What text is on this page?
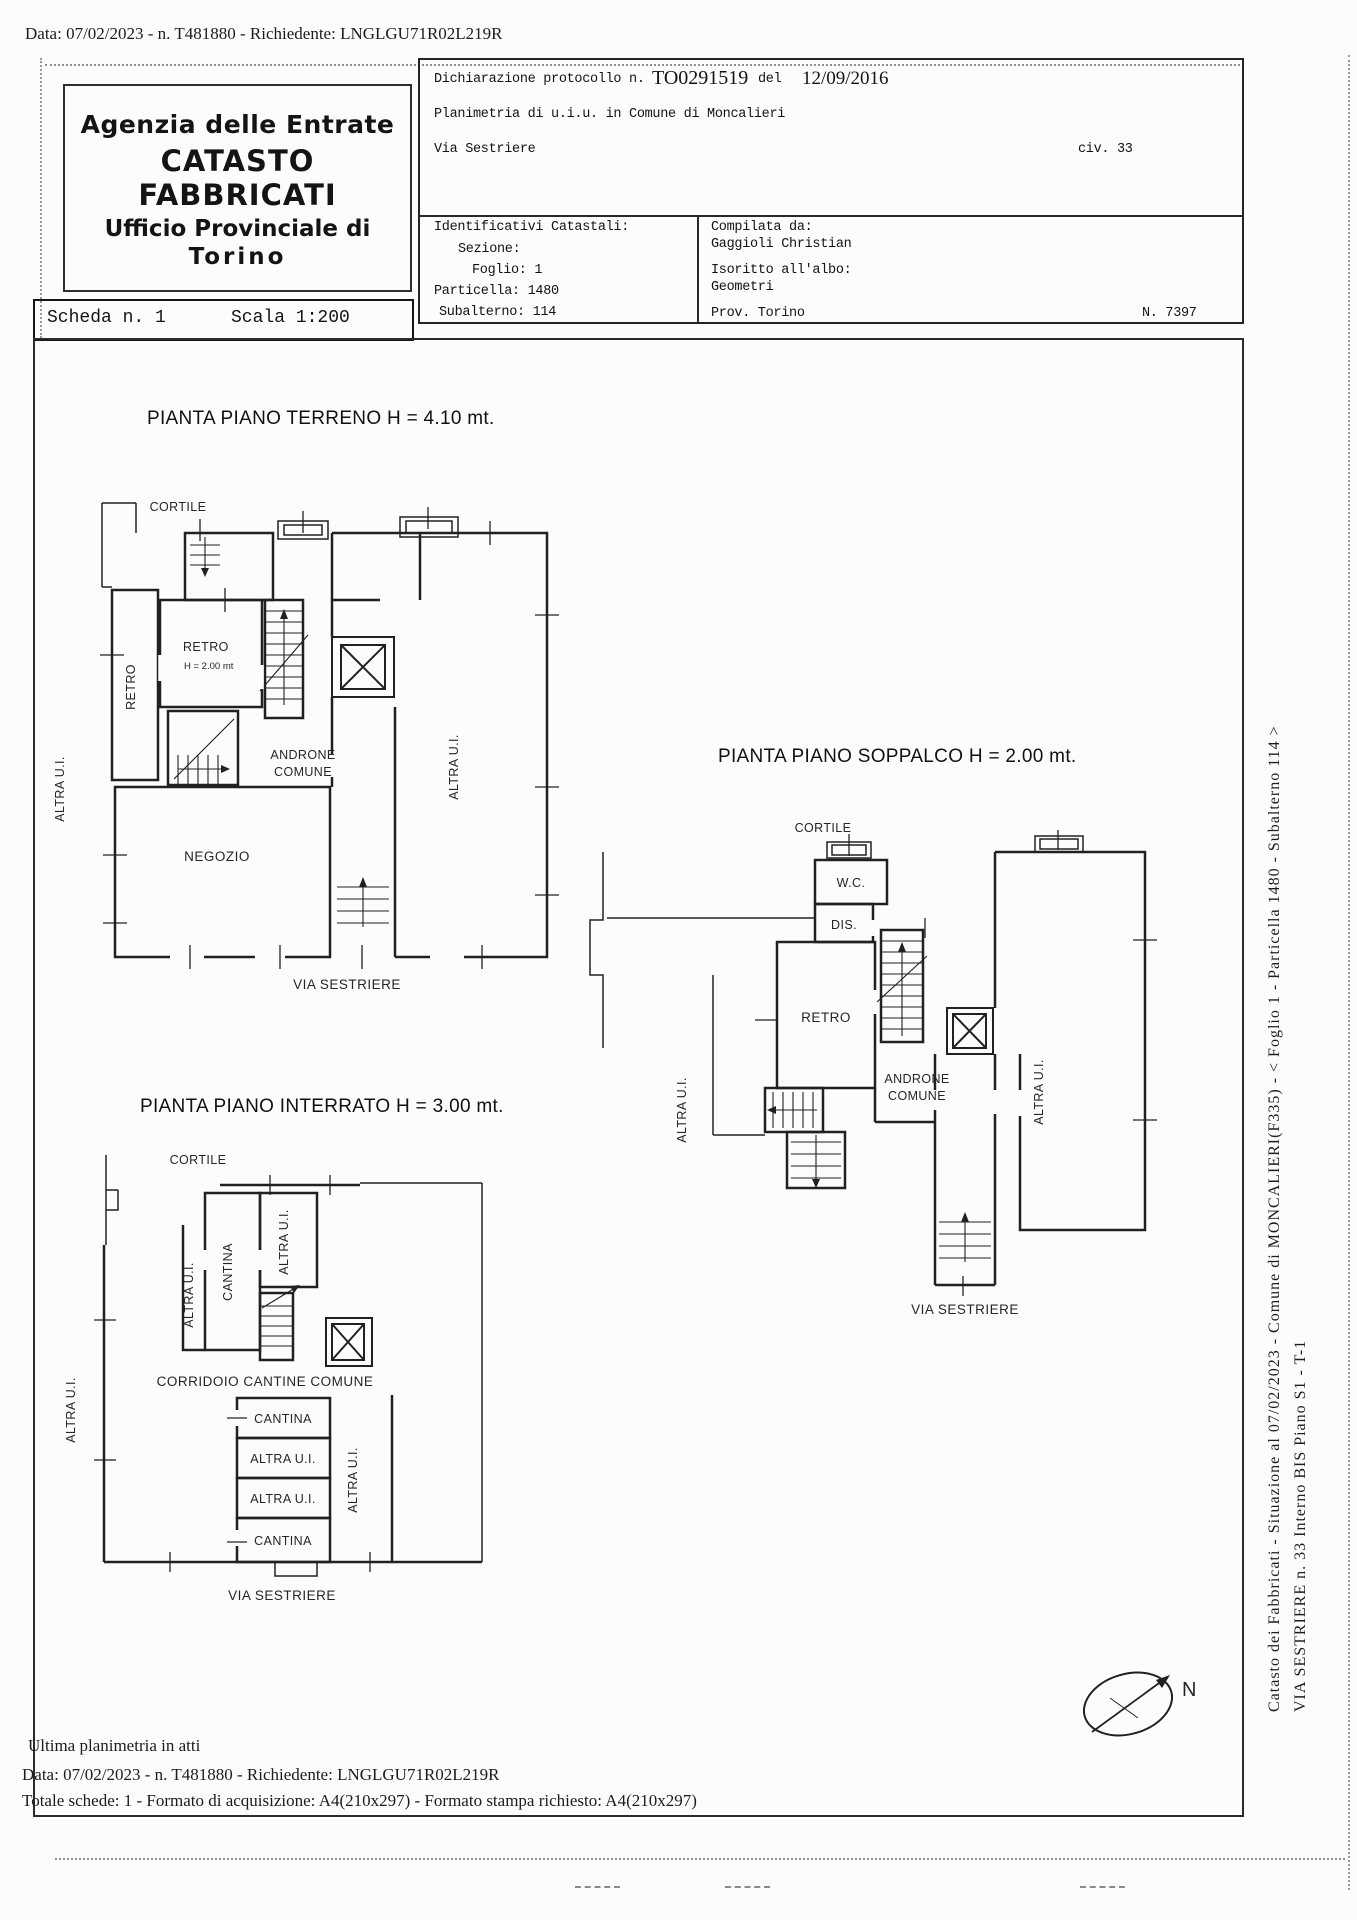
Data: 07/02/2023 - n. T481880 - Richiedente: LNGLGU71R02L219R
Agenzia delle Entrate
CATASTO FABBRICATI
Ufficio Provinciale di
Torino
Dichiarazione protocollo n. TO0291519 del 12/09/2016
Planimetria di u.i.u. in Comune di Moncalieri
Via Sestriere	civ. 33
Identificativi Catastali:
Sezione:
Foglio: 1
Particella: 1480
Subalterno: 114
Compilata da:
Gaggioli Christian
Isoritto all'albo:
Geometri
Prov. Torino	N. 7397
Scheda n. 1	Scala 1:200
PIANTA PIANO TERRENO H = 4.10 mt.
PIANTA PIANO SOPPALCO H = 2.00 mt.
PIANTA PIANO INTERRATO H = 3.00 mt.
CORTILE
RETRO
RETRO
H = 2.00 mt
ANDRONE
COMUNE
NEGOZIO
ALTRA U.I.	ALTRA U.I.
VIA SESTRIERE
CORTILE
W.C.
DIS.
RETRO
ANDRONE
COMUNE
ALTRA U.I.	ALTRA U.I.
VIA SESTRIERE
CORTILE
ALTRA U.I. CANTINA	ALTRA U.I.
CORRIDOIO CANTINE COMUNE
CANTINA
ALTRA U.I.
ALTRA U.I.
CANTINA
ALTRA U.I.
ALTRA U.I.
VIA SESTRIERE
N	Catasto dei Fabbricati - Situazione al 07/02/2023 - Comune di MONCALIERI(F335) - < Foglio 1 - Particella 1480 - Subalterno 114 > VIA SESTRIERE n. 33 Interno BIS Piano S1 - T-1
Ultima planimetria in atti
Data: 07/02/2023 - n. T481880 - Richiedente: LNGLGU71R02L219R
Totale schede: 1 - Formato di acquisizione: A4(210x297) - Formato stampa richiesto: A4(210x297)
